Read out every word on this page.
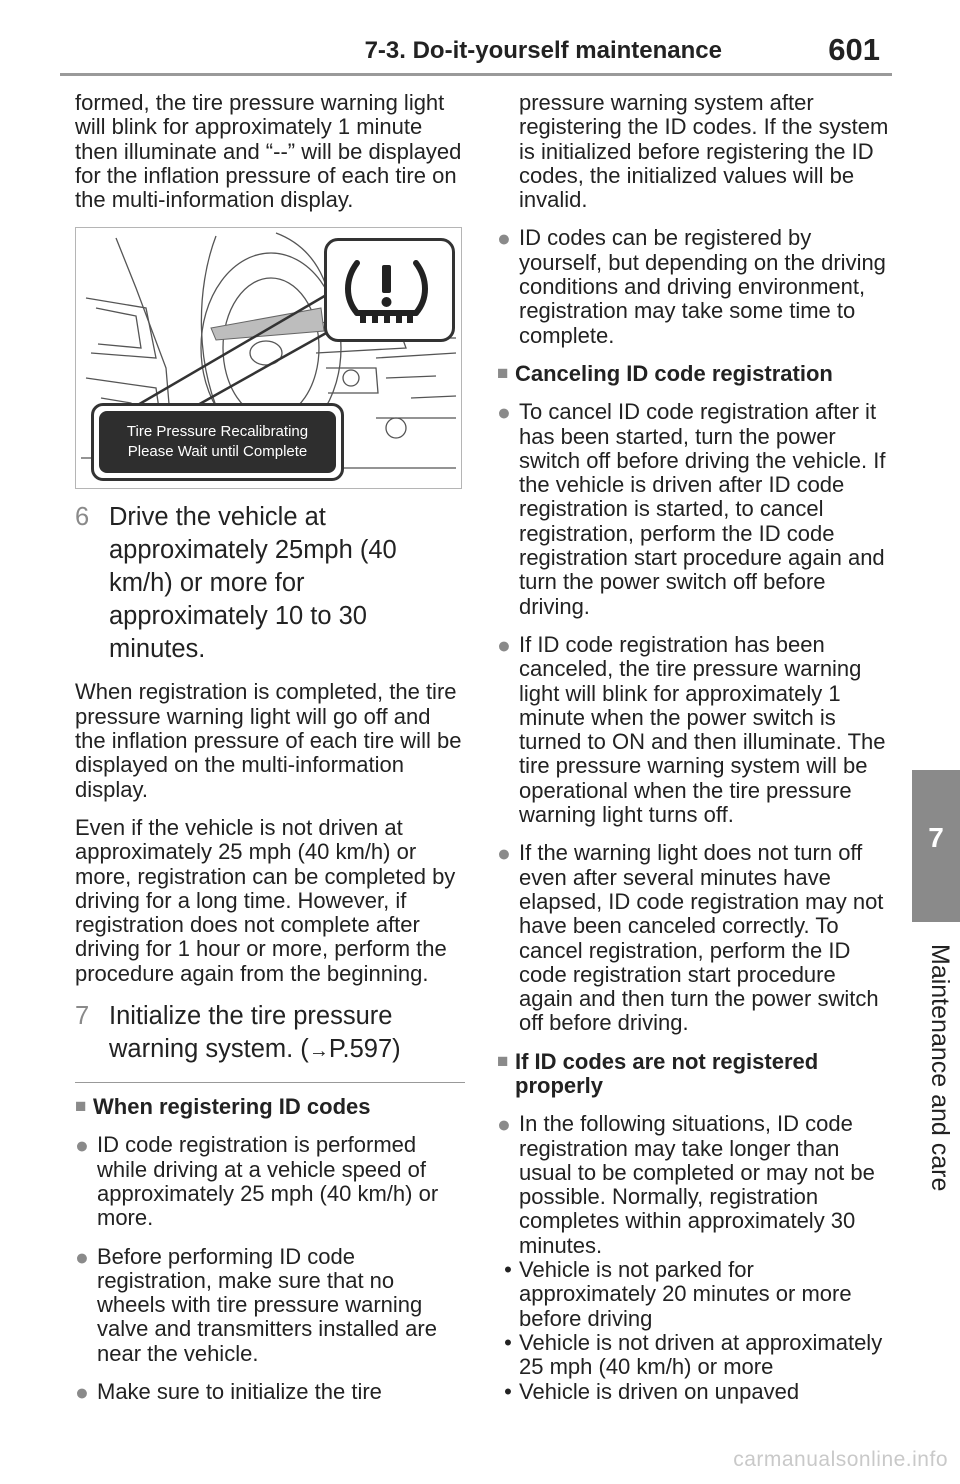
7-3. Do-it-yourself maintenance	601
7
Maintenance and care

formed, the tire pressure warning light will blink for approximately 1 minute then illuminate and “--” will be displayed for the inflation pressure of each tire on the multi-information display.

Tire Pressure Recalibrating
Please Wait until Complete
6 Drive the vehicle at approximately 25mph (40 km/h) or more for approximately 10 to 30 minutes.

When registration is completed, the tire pressure warning light will go off and the inflation pressure of each tire will be displayed on the multi-information display.

Even if the vehicle is not driven at approximately 25 mph (40 km/h) or more, registration can be completed by driving for a long time. However, if registration does not complete after driving for 1 hour or more, perform the procedure again from the beginning.

7 Initialize the tire pressure warning system. (→P.597)
■ When registering ID codes
● ID code registration is performed while driving at a vehicle speed of approximately 25 mph (40 km/h) or more.
● Before performing ID code registration, make sure that no wheels with tire pressure warning valve and transmitters installed are near the vehicle.
● Make sure to initialize the tire

pressure warning system after registering the ID codes. If the system is initialized before registering the ID codes, the initialized values will be invalid.

● ID codes can be registered by yourself, but depending on the driving conditions and driving environment, registration may take some time to complete.
■ Canceling ID code registration
● To cancel ID code registration after it has been started, turn the power switch off before driving the vehicle. If the vehicle is driven after ID code registration is started, to cancel registration, perform the ID code registration start procedure again and turn the power switch off before driving.
● If ID code registration has been canceled, the tire pressure warning light will blink for approximately 1 minute when the power switch is turned to ON and then illuminate. The tire pressure warning system will be operational when the tire pressure warning light turns off.
● If the warning light does not turn off even after several minutes have elapsed, ID code registration may not have been canceled correctly. To cancel registration, perform the ID code registration start procedure again and then turn the power switch off before driving.
■ If ID codes are not registered properly
● In the following situations, ID code registration may take longer than usual to be completed or may not be possible. Normally, registration completes within approximately 30 minutes.
• Vehicle is not parked for approximately 20 minutes or more before driving
• Vehicle is not driven at approximately 25 mph (40 km/h) or more
• Vehicle is driven on unpaved
carmanualsonline.info
